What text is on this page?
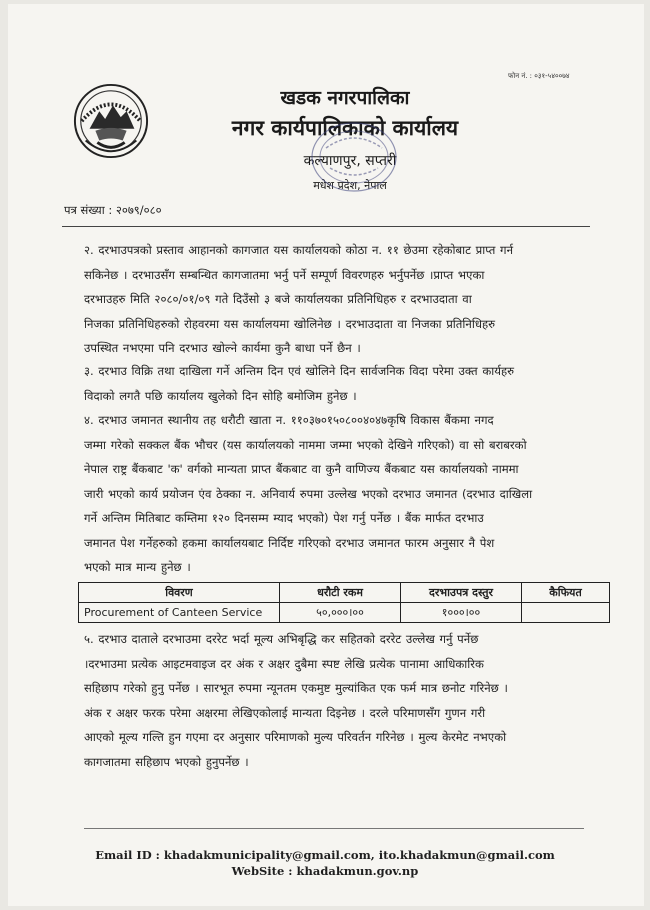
फोन नं. : ०३१-५४००७४
खडक नगरपालिका
नगर कार्यपालिकाको कार्यालय
कल्याणपुर, सप्तरी
मधेश प्रदेश, नेपाल
पत्र संख्या : २०७९/०८०
२. दरभाउपत्रको प्रस्ताव आहानको कागजात यस कार्यालयको कोठा न. ११ छेउमा रहेकोबाट प्राप्त गर्न
सकिनेछ । दरभाउसँग सम्बन्धित कागजातमा भर्नु पर्ने सम्पूर्ण विवरणहरु भर्नुपर्नेछ ।प्राप्त भएका
दरभाउहरु मिति २०८०/०१/०९ गते दिउँसो ३ बजे कार्यालयका प्रतिनिधिहरु र दरभाउदाता वा
निजका प्रतिनिधिहरुको रोहवरमा यस कार्यालयमा खोलिनेछ । दरभाउदाता वा निजका प्रतिनिधिहरु
उपस्थित नभएमा पनि दरभाउ खोल्ने कार्यमा कुनै बाधा पर्ने छैन ।
३. दरभाउ विक्रि तथा दाखिला गर्ने अन्तिम दिन एवं खोलिने दिन सार्वजनिक विदा परेमा उक्त कार्यहरु
विदाको लगतै पछि कार्यालय खुलेको दिन सोहि बमोजिम हुनेछ ।
४. दरभाउ जमानत स्थानीय तह धरौटी खाता न. ११०३७०१५०८००४०४७कृषि विकास बैंकमा नगद
जम्मा गरेको सक्कल बैंक भौचर (यस कार्यालयको नाममा जम्मा भएको देखिने गरिएको) वा सो बराबरको
नेपाल राष्ट्र बैंकबाट 'क' वर्गको मान्यता प्राप्त बैंकबाट वा कुनै वाणिज्य बैंकबाट यस कार्यालयको नाममा
जारी भएको कार्य प्रयोजन एंव ठेक्का न. अनिवार्य रुपमा उल्लेख भएको दरभाउ जमानत (दरभाउ दाखिला
गर्ने अन्तिम मितिबाट कम्तिमा १२० दिनसम्म म्याद भएको) पेश गर्नु पर्नेछ । बैंक मार्फत दरभाउ
जमानत पेश गर्नेहरुको हकमा कार्यालयबाट निर्दिष्ट गरिएको दरभाउ जमानत फारम अनुसार नै पेश
भएको मात्र मान्य हुनेछ ।
विवरण	धरौटी रकम	दरभाउपत्र दस्तुर	कैफियत
Procurement of Canteen Service	५०,०००।००	१०००।००	
५. दरभाउ दाताले दरभाउमा दररेट भर्दा मूल्य अभिबृद्धि कर सहितको दररेट उल्लेख गर्नु पर्नेछ
।दरभाउमा प्रत्येक आइटमवाइज दर अंक र अक्षर दुबैमा स्पष्ट लेखि प्रत्येक पानामा आधिकारिक
सहिछाप गरेको हुनु पर्नेछ । सारभूत रुपमा न्यूनतम एकमुष्ट मुल्यांकित एक फर्म मात्र छनोट गरिनेछ ।
अंक र अक्षर फरक परेमा अक्षरमा लेखिएकोलाई मान्यता दिइनेछ । दरले परिमाणसँग गुणन गरी
आएको मूल्य गल्ति हुन गएमा दर अनुसार परिमाणको मुल्य परिवर्तन गरिनेछ । मुल्य केरमेट नभएको
कागजातमा सहिछाप भएको हुनुपर्नेछ ।
Email ID : khadakmunicipality@gmail.com, ito.khadakmun@gmail.com
WebSite : khadakmun.gov.np
